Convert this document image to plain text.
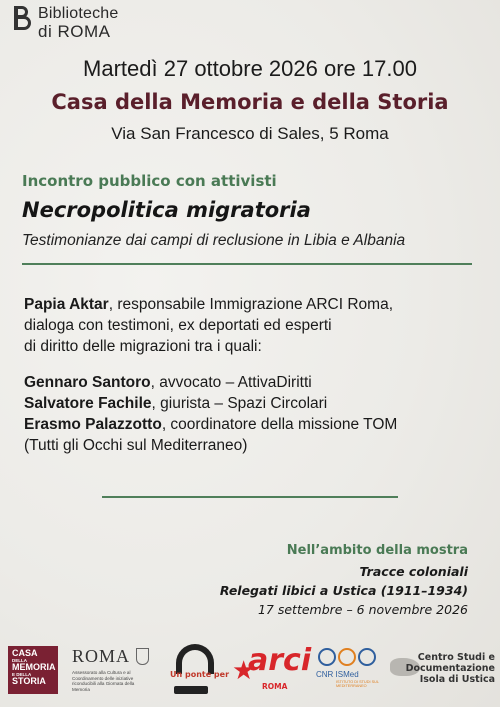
Biblioteche
di ROMA
Martedì 27 ottobre 2026 ore 17.00
Casa della Memoria e della Storia
Via San Francesco di Sales, 5 Roma
Incontro pubblico con attivisti
Necropolitica migratoria
Testimonianze dai campi di reclusione in Libia e Albania
Papia Aktar, responsabile Immigrazione ARCI Roma,
dialoga con testimoni, ex deportati ed esperti
di diritto delle migrazioni tra i quali:
Gennaro Santoro, avvocato – AttivaDiritti
Salvatore Fachile, giurista – Spazi Circolari
Erasmo Palazzotto, coordinatore della missione TOM
(Tutti gli Occhi sul Mediterraneo)
Nell’ambito della mostra
Tracce coloniali
Relegati libici a Ustica (1911–1934)
17 settembre – 6 novembre 2026
CASA
DELLA
MEMORIA
E DELLA
STORIA
ROMA
Assessorato alla Cultura e al Coordinamento delle iniziative riconducibili alla Giornata della Memoria
Un ponte per ★
arci
ROMA
CNR ISMed
ISTITUTO DI STUDI SUL MEDITERRANEO
Centro Studi e
Documentazione
Isola di Ustica
